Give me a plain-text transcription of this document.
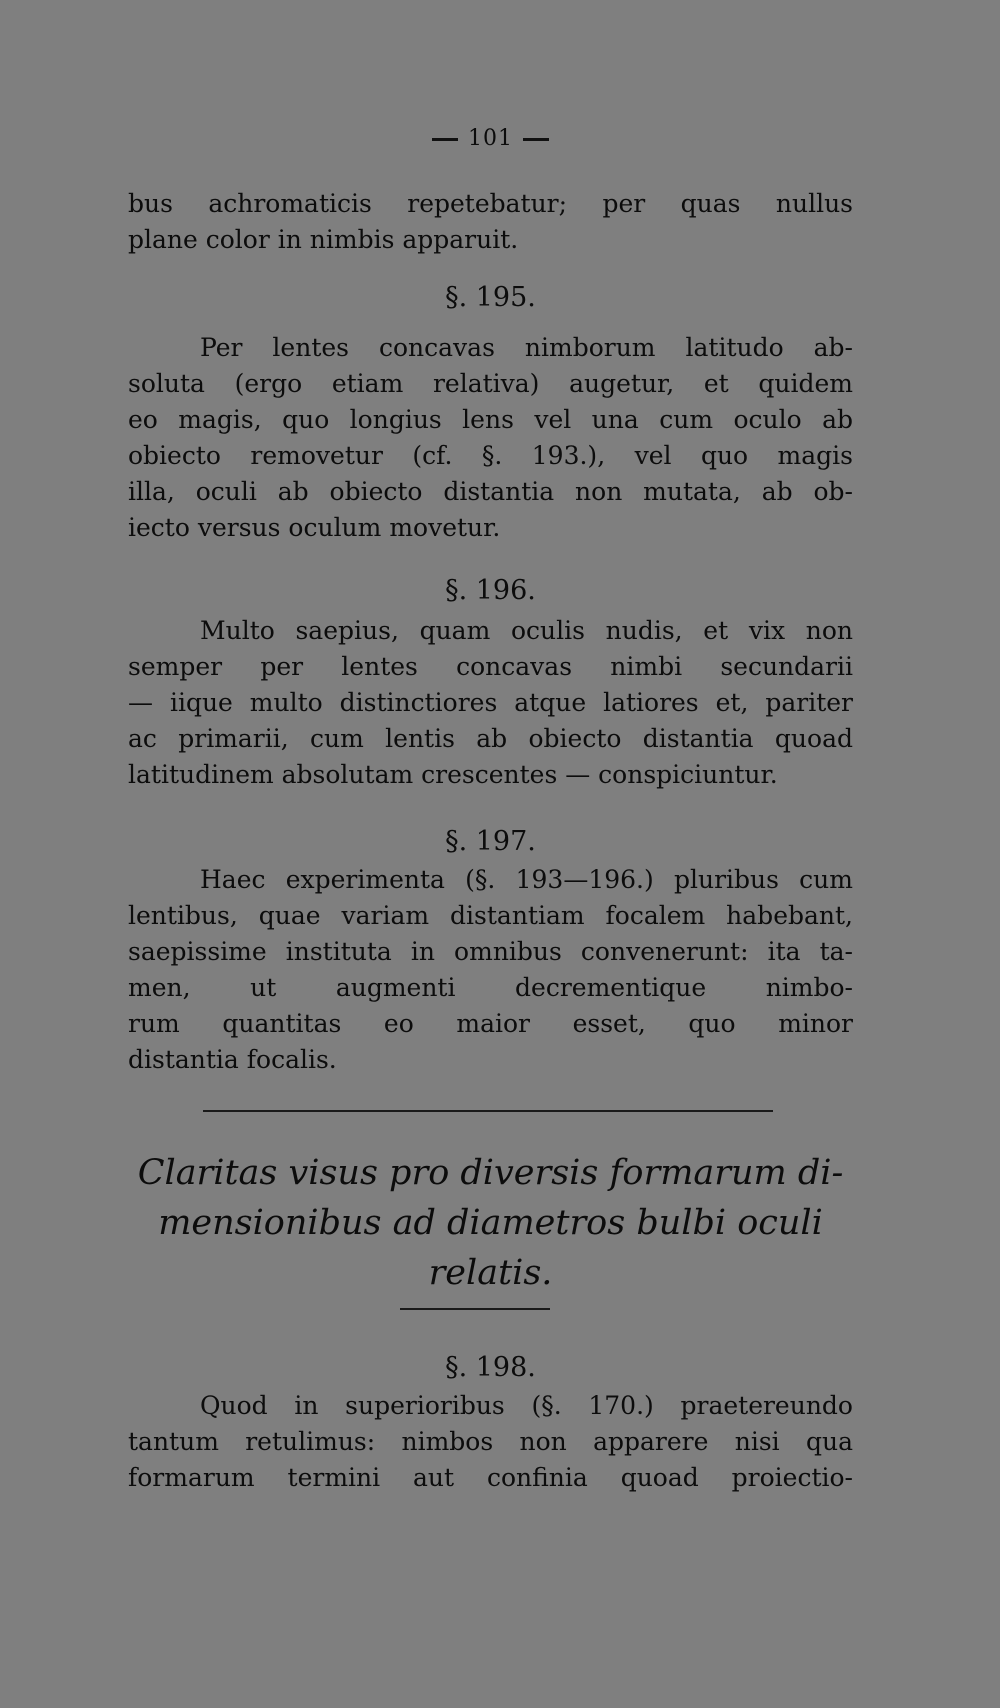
101
bus achromaticis repetebatur; per quas nullus
plane color in nimbis apparuit.
§. 195.
Per lentes concavas nimborum latitudo ab-
soluta (ergo etiam relativa) augetur, et quidem
eo magis, quo longius lens vel una cum oculo ab
obiecto removetur (cf. §. 193.), vel quo magis
illa, oculi ab obiecto distantia non mutata, ab ob-
iecto versus oculum movetur.
§. 196.
Multo saepius, quam oculis nudis, et vix non
semper per lentes concavas nimbi secundarii
— iique multo distinctiores atque latiores et, pariter
ac primarii, cum lentis ab obiecto distantia quoad
latitudinem absolutam crescentes — conspiciuntur.
§. 197.
Haec experimenta (§. 193—196.) pluribus cum
lentibus, quae variam distantiam focalem habebant,
saepissime instituta in omnibus convenerunt: ita ta-
men, ut augmenti decrementique nimbo-
rum quantitas eo maior esset, quo minor
distantia focalis.
Claritas visus pro diversis formarum di-
mensionibus ad diametros bulbi oculi
relatis.
§. 198.
Quod in superioribus (§. 170.) praetereundo
tantum retulimus: nimbos non apparere nisi qua
formarum termini aut confinia quoad proiectio-
